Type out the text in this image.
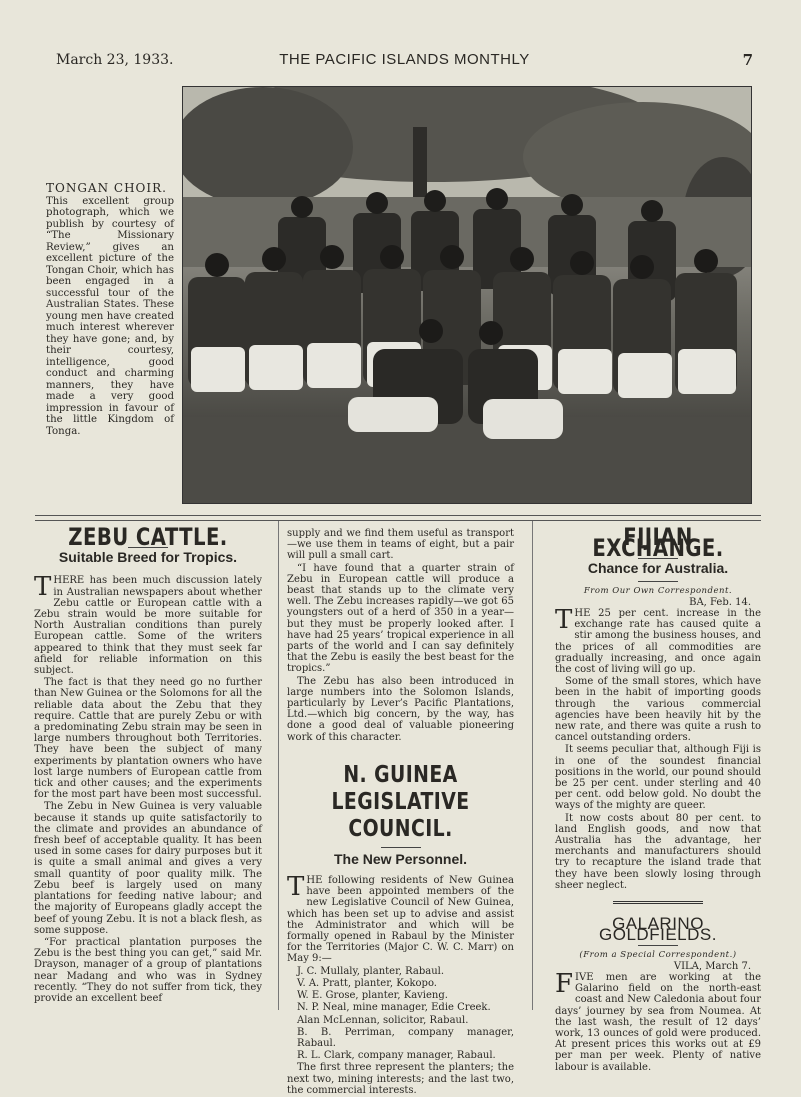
March 23, 1933.	THE PACIFIC ISLANDS MONTHLY	7
TONGAN CHOIR.
This excellent group photograph, which we publish by courtesy of “The Missionary Review,” gives an excellent picture of the Tongan Choir, which has been engaged in a successful tour of the Australian States. These young men have created much interest wherever they have gone; and, by their courtesy, intelligence, good conduct and charming manners, they have made a very good impression in favour of the little Kingdom of Tonga.
ZEBU CATTLE.
Suitable Breed for Tropics.

THERE has been much discussion lately in Australian newspapers about whether Zebu cattle or European cattle with a Zebu strain would be more suitable for North Australian conditions than purely European cattle. Some of the writers appeared to think that they must seek far afield for reliable information on this subject.

The fact is that they need go no further than New Guinea or the Solomons for all the reliable data about the Zebu that they require. Cattle that are purely Zebu or with a predominating Zebu strain may be seen in large numbers throughout both Territories. They have been the subject of many experiments by plantation owners who have lost large numbers of European cattle from tick and other causes; and the experiments for the most part have been most successful.

The Zebu in New Guinea is very valuable because it stands up quite satisfactorily to the climate and provides an abundance of fresh beef of acceptable quality. It has been used in some cases for dairy purposes but it is quite a small animal and gives a very small quantity of poor quality milk. The Zebu beef is largely used on many plantations for feeding native labour; and the majority of Europeans gladly accept the beef of young Zebu. It is not a black flesh, as some suppose.

“For practical plantation purposes the Zebu is the best thing you can get,” said Mr. Drayson, manager of a group of plantations near Madang and who was in Sydney recently. “They do not suffer from tick, they provide an excellent beef

supply and we find them useful as transport—we use them in teams of eight, but a pair will pull a small cart.

“I have found that a quarter strain of Zebu in European cattle will produce a beast that stands up to the climate very well. The Zebu increases rapidly—we got 65 youngsters out of a herd of 350 in a year—but they must be properly looked after. I have had 25 years’ tropical experience in all parts of the world and I can say definitely that the Zebu is easily the best beast for the tropics.”

The Zebu has also been introduced in large numbers into the Solomon Islands, particularly by Lever’s Pacific Plantations, Ltd.—which big concern, by the way, has done a good deal of valuable pioneering work of this character.

N. GUINEA LEGISLATIVE
COUNCIL.
The New Personnel.

THE following residents of New Guinea have been appointed members of the new Legislative Council of New Guinea, which has been set up to advise and assist the Administrator and which will be formally opened in Rabaul by the Minister for the Territories (Major C. W. C. Marr) on May 9:—

J. C. Mullaly, planter, Rabaul.

V. A. Pratt, planter, Kokopo.

W. E. Grose, planter, Kavieng.

N. P. Neal, mine manager, Edie Creek.

Alan McLennan, solicitor, Rabaul.

B. B. Perriman, company manager, Rabaul.

R. L. Clark, company manager, Rabaul.

The first three represent the planters; the next two, mining interests; and the last two, the commercial interests.

FIJIAN EXCHANGE.
Chance for Australia.
From Our Own Correspondent.
BA, Feb. 14.

THE 25 per cent. increase in the exchange rate has caused quite a stir among the business houses, and the prices of all commodities are gradually increasing, and once again the cost of living will go up.

Some of the small stores, which have been in the habit of importing goods through the various commercial agencies have been heavily hit by the new rate, and there was quite a rush to cancel outstanding orders.

It seems peculiar that, although Fiji is in one of the soundest financial positions in the world, our pound should be 25 per cent. under sterling and 40 per cent. odd below gold. No doubt the ways of the mighty are queer.

It now costs about 80 per cent. to land English goods, and now that Australia has the advantage, her merchants and manufacturers should try to recapture the island trade that they have been slowly losing through sheer neglect.

GALARINO GOLDFIELDS.
(From a Special Correspondent.)
VILA, March 7.

FIVE men are working at the Galarino field on the north-east coast and New Caledonia about four days’ journey by sea from Noumea. At the last wash, the result of 12 days’ work, 13 ounces of gold were produced. At present prices this works out at £9 per man per week. Plenty of native labour is available.
